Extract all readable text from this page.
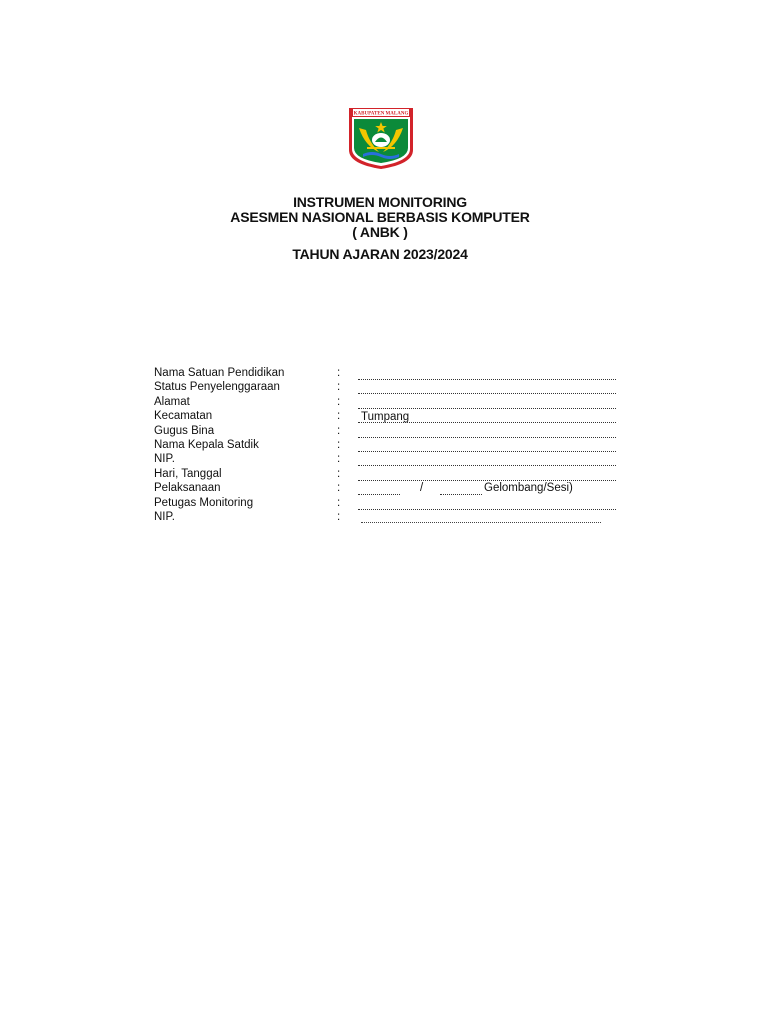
KABUPATEN MALANG
INSTRUMEN MONITORING
ASESMEN NASIONAL BERBASIS KOMPUTER
( ANBK )
TAHUN AJARAN 2023/2024
Nama Satuan Pendidikan	:
Status Penyelenggaraan	:
Alamat	:
Kecamatan	: Tumpang
Gugus Bina	:
Nama Kepala Satdik	:
NIP.	:
Hari, Tanggal	:
Pelaksanaan	:	/	Gelombang/Sesi)
Petugas Monitoring	:
NIP.	:
